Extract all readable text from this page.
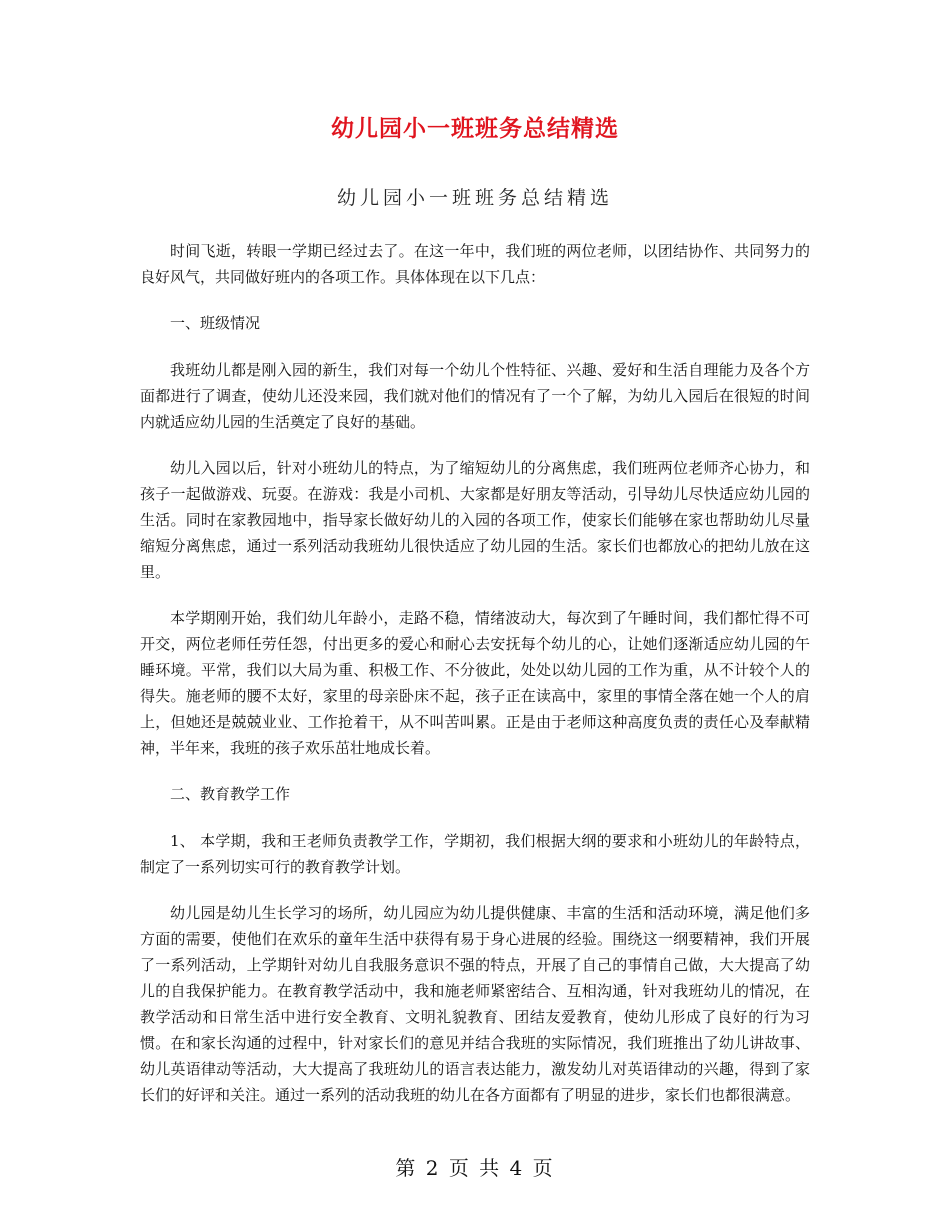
幼儿园小一班班务总结精选
幼儿园小一班班务总结精选

时间飞逝，转眼一学期已经过去了。在这一年中，我们班的两位老师，以团结协作、共同努力的良好风气，共同做好班内的各项工作。具体体现在以下几点：

一、班级情况

我班幼儿都是刚入园的新生，我们对每一个幼儿个性特征、兴趣、爱好和生活自理能力及各个方面都进行了调查，使幼儿还没来园，我们就对他们的情况有了一个了解，为幼儿入园后在很短的时间内就适应幼儿园的生活奠定了良好的基础。

幼儿入园以后，针对小班幼儿的特点，为了缩短幼儿的分离焦虑，我们班两位老师齐心协力，和孩子一起做游戏、玩耍。在游戏：我是小司机、大家都是好朋友等活动，引导幼儿尽快适应幼儿园的生活。同时在家教园地中，指导家长做好幼儿的入园的各项工作，使家长们能够在家也帮助幼儿尽量缩短分离焦虑，通过一系列活动我班幼儿很快适应了幼儿园的生活。家长们也都放心的把幼儿放在这里。

本学期刚开始，我们幼儿年龄小，走路不稳，情绪波动大，每次到了午睡时间，我们都忙得不可开交，两位老师任劳任怨，付出更多的爱心和耐心去安抚每个幼儿的心，让她们逐渐适应幼儿园的午睡环境。平常，我们以大局为重、积极工作、不分彼此，处处以幼儿园的工作为重，从不计较个人的得失。施老师的腰不太好，家里的母亲卧床不起，孩子正在读高中，家里的事情全落在她一个人的肩上，但她还是兢兢业业、工作抢着干，从不叫苦叫累。正是由于老师这种高度负责的责任心及奉献精神，半年来，我班的孩子欢乐茁壮地成长着。

二、教育教学工作

1、 本学期，我和王老师负责教学工作，学期初，我们根据大纲的要求和小班幼儿的年龄特点，制定了一系列切实可行的教育教学计划。

幼儿园是幼儿生长学习的场所，幼儿园应为幼儿提供健康、丰富的生活和活动环境，满足他们多方面的需要，使他们在欢乐的童年生活中获得有易于身心进展的经验。围绕这一纲要精神，我们开展了一系列活动，上学期针对幼儿自我服务意识不强的特点，开展了自己的事情自己做，大大提高了幼儿的自我保护能力。在教育教学活动中，我和施老师紧密结合、互相沟通，针对我班幼儿的情况，在教学活动和日常生活中进行安全教育、文明礼貌教育、团结友爱教育，使幼儿形成了良好的行为习惯。在和家长沟通的过程中，针对家长们的意见并结合我班的实际情况，我们班推出了幼儿讲故事、幼儿英语律动等活动，大大提高了我班幼儿的语言表达能力，激发幼儿对英语律动的兴趣，得到了家长们的好评和关注。通过一系列的活动我班的幼儿在各方面都有了明显的进步，家长们也都很满意。

第 2 页 共 4 页
